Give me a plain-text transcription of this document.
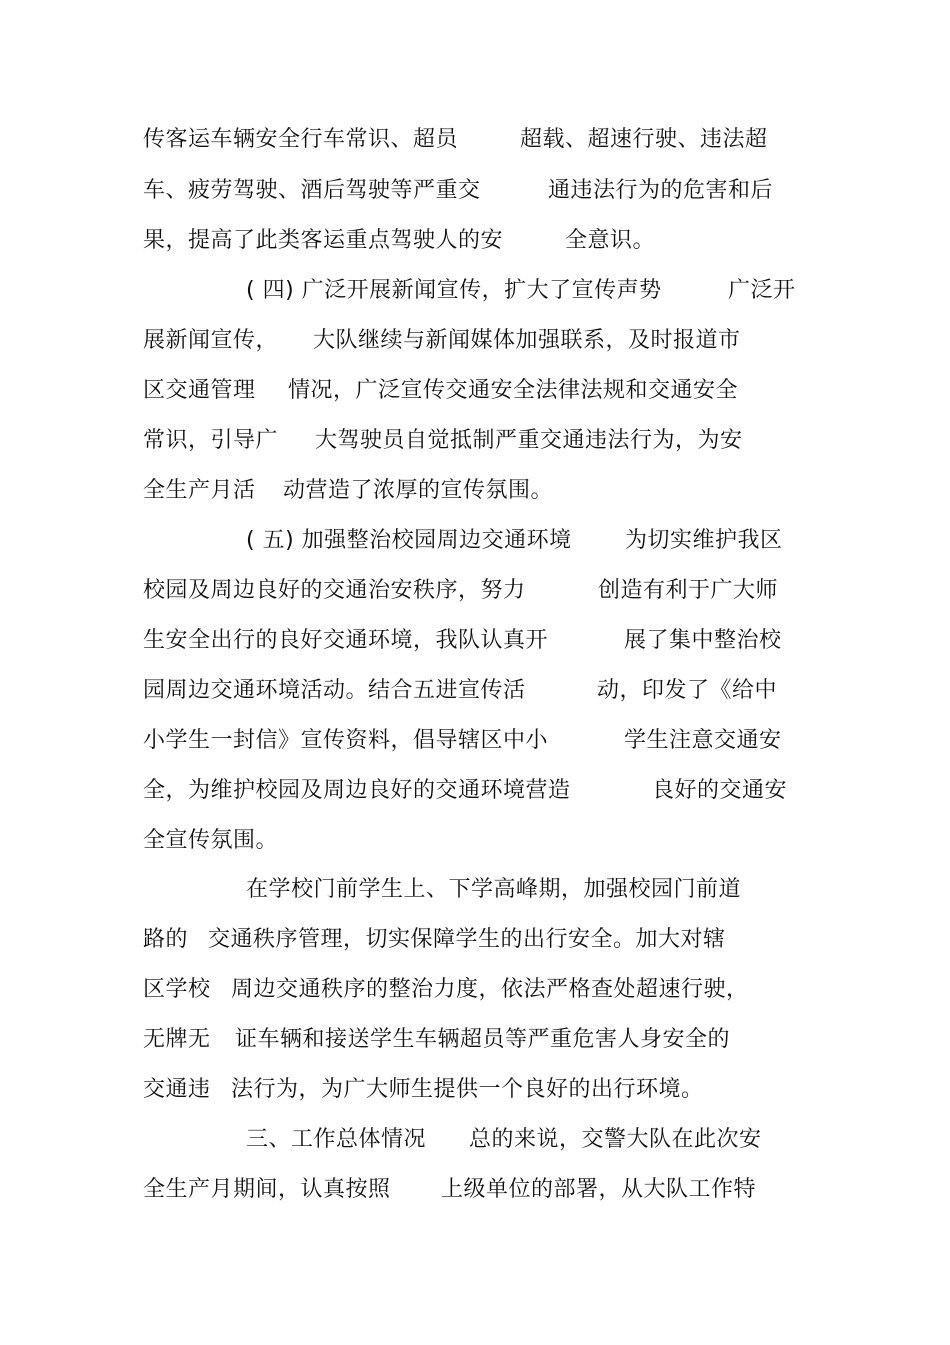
传客运车辆安全行车常识、超员	超载、超速行驶、违法超
车、疲劳驾驶、酒后驾驶等严重交	通违法行为的危害和后
果，提高了此类客运重点驾驶人的安	全意识。
( 四) 广泛开展新闻宣传，扩大了宣传声势	广泛开
展新闻宣传， 大队继续与新闻媒体加强联系，及时报道市
区交通管理 情况，广泛宣传交通安全法律法规和交通安全
常识，引导广 大驾驶员自觉抵制严重交通违法行为，为安
全生产月活 动营造了浓厚的宣传氛围。
( 五) 加强整治校园周边交通环境 为切实维护我区
校园及周边良好的交通治安秩序，努力	创造有利于广大师
生安全出行的良好交通环境，我队认真开	展了集中整治校
园周边交通环境活动。结合五进宣传活	动，印发了《给中
小学生一封信》宣传资料，倡导辖区中小	学生注意交通安
全，为维护校园及周边良好的交通环境营造	良好的交通安
全宣传氛围。
在学校门前学生上、下学高峰期，加强校园门前道
路的 交通秩序管理，切实保障学生的出行安全。加大对辖
区学校 周边交通秩序的整治力度，依法严格查处超速行驶，
无牌无 证车辆和接送学生车辆超员等严重危害人身安全的
交通违 法行为，为广大师生提供一个良好的出行环境。
三、工作总体情况 总的来说，交警大队在此次安
全生产月期间，认真按照 上级单位的部署，从大队工作特
